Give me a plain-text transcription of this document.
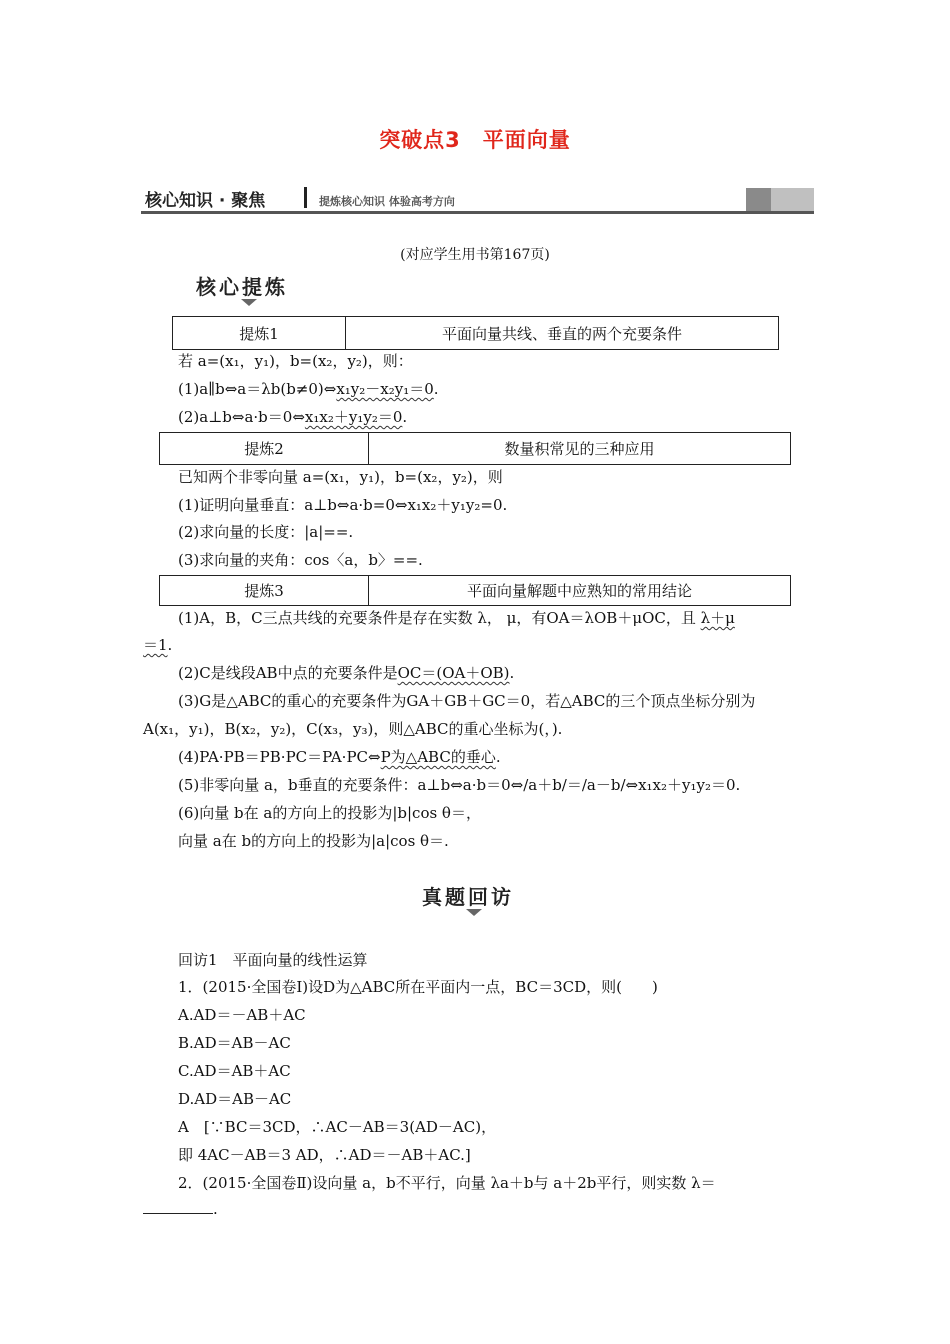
突破点3　平面向量
核心知识 · 聚焦	提炼核心知识 体验高考方向
(对应学生用书第167页)
核心提炼
提炼1	平面向量共线、垂直的两个充要条件
若 a=(x₁，y₁)，b=(x₂，y₂)，则：
(1)a∥b⇔a＝λb(b≠0)⇔x₁y₂－x₂y₁＝0.
(2)a⊥b⇔a·b＝0⇔x₁x₂＋y₁y₂＝0.
提炼2	数量积常见的三种应用
已知两个非零向量 a=(x₁，y₁)，b=(x₂，y₂)，则
(1)证明向量垂直：a⊥b⇔a·b=0⇔x₁x₂＋y₁y₂=0.
(2)求向量的长度：|a|==.
(3)求向量的夹角：cos〈a，b〉==.
提炼3	平面向量解题中应熟知的常用结论
(1)A，B，C三点共线的充要条件是存在实数 λ， μ，有OA＝λOB＋μOC，且 λ＋μ
＝1.
(2)C是线段AB中点的充要条件是OC＝(OA＋OB).
(3)G是△ABC的重心的充要条件为GA＋GB＋GC＝0，若△ABC的三个顶点坐标分别为
A(x₁，y₁)，B(x₂，y₂)，C(x₃，y₃)，则△ABC的重心坐标为(，).
(4)PA·PB＝PB·PC＝PA·PC⇔P为△ABC的垂心.
(5)非零向量 a，b垂直的充要条件：a⊥b⇔a·b＝0⇔/a＋b/＝/a－b/⇔x₁x₂＋y₁y₂＝0.
(6)向量 b在 a的方向上的投影为|b|cos θ＝，
向量 a在 b的方向上的投影为|a|cos θ＝.
真题回访
回访1　平面向量的线性运算
1．(2015·全国卷Ⅰ)设D为△ABC所在平面内一点，BC＝3CD，则(　　)
A.AD＝－AB＋AC
B.AD＝AB－AC
C.AD＝AB＋AC
D.AD＝AB－AC
A　[∵BC＝3CD，∴AC－AB＝3(AD－AC)，
即 4AC－AB＝3 AD，∴AD＝－AB＋AC.]
2．(2015·全国卷Ⅱ)设向量 a，b不平行，向量 λa＋b与 a＋2b平行，则实数 λ＝
.
